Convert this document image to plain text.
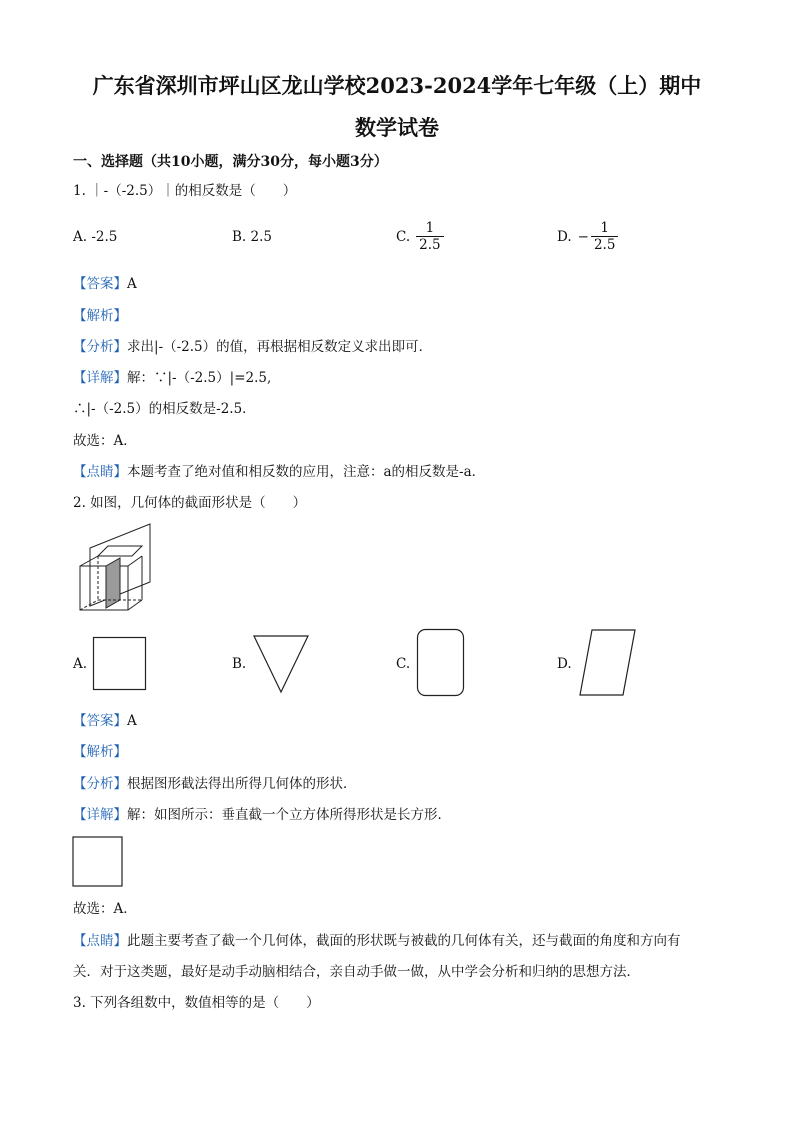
广东省深圳市坪山区龙山学校2023-2024学年七年级（上）期中
数学试卷
一、选择题（共10小题，满分30分，每小题3分）
1. ｜-（-2.5）｜的相反数是（　　）
A. -2.5	B. 2.5	C. $\frac{1}{2.5}$	D. − $\frac{1}{2.5}$
【答案】A
【解析】
【分析】求出|-（-2.5）的值，再根据相反数定义求出即可．
【详解】解：∵|-（-2.5）|=2.5,
∴|-（-2.5）的相反数是-2.5．
故选：A．
【点睛】本题考查了绝对值和相反数的应用，注意：a的相反数是-a．
2. 如图，几何体的截面形状是（　　）
A.	B.	C.	D.
【答案】A
【解析】
【分析】根据图形截法得出所得几何体的形状．
【详解】解：如图所示：垂直截一个立方体所得形状是长方形．
故选：A．
【点睛】此题主要考查了截一个几何体，截面的形状既与被截的几何体有关，还与截面的角度和方向有
关．对于这类题，最好是动手动脑相结合，亲自动手做一做，从中学会分析和归纳的思想方法．
3. 下列各组数中，数值相等的是（　　）
